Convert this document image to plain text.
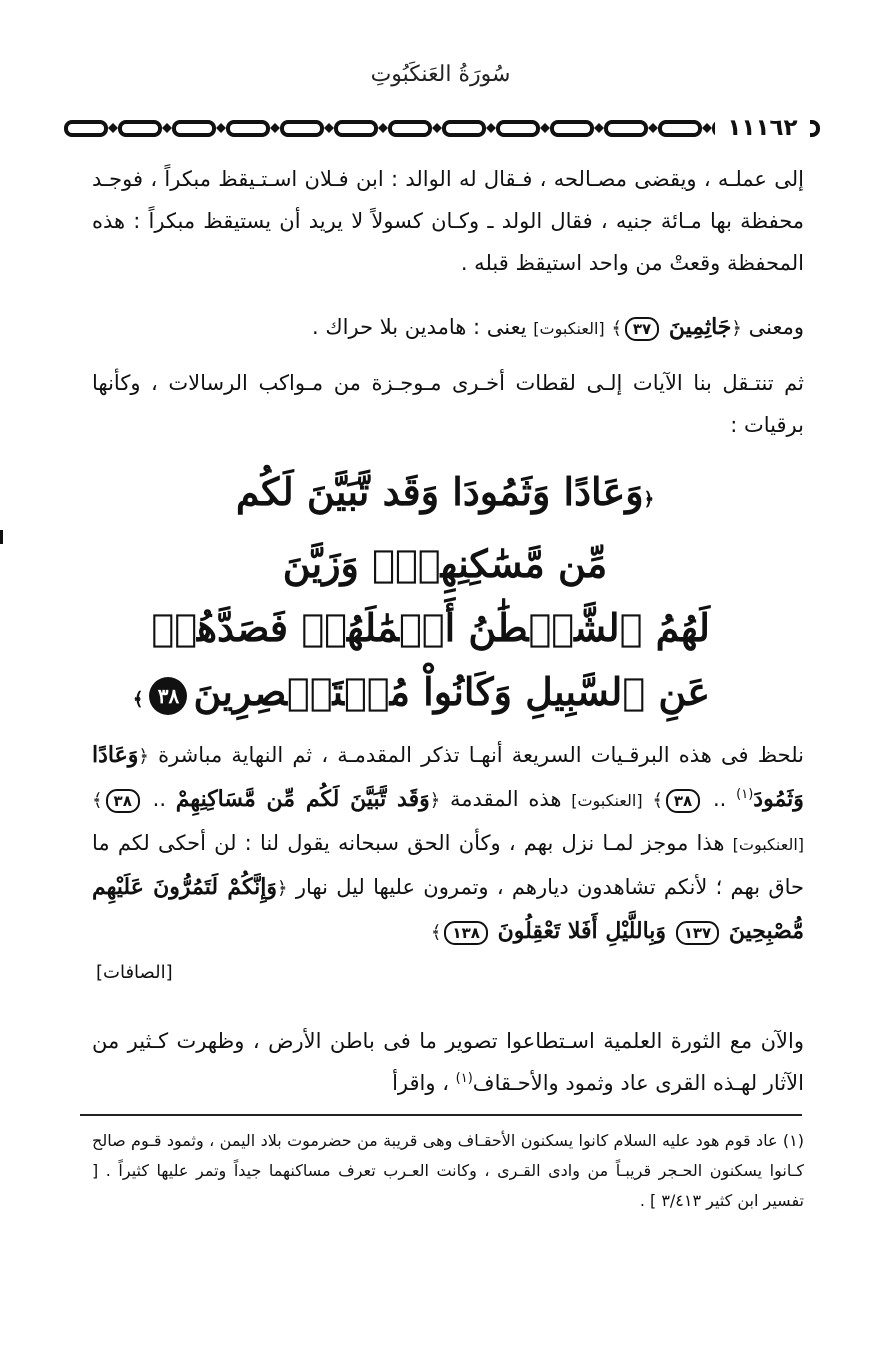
سُورَةُ العَنكَبُوتِ
١١١٦٢

إلى عملـه ، ويقضى مصـالحه ، فـقال له الوالد : ابن فـلان اسـتـيقظ مبكراً ، فوجـد محفظة بها مـائة جنيه ، فقال الولد ـ وكـان كسولاً لا يريد أن يستيقظ مبكراً : هذه المحفظة وقعتْ من واحد استيقظ قبله .

ومعنى ﴿جَاثِمِينَ ٣٧﴾ [العنكبوت] يعنى : هامدين بلا حراك .

ثم تنتـقل بنا الآيات إلـى لقطات أخـرى مـوجـزة من مـواكب الرسالات ، وكأنها برقيات :

﴿وَعَادًا وَثَمُودَا وَقَد تَّبَيَّنَ لَكُم
مِّن مَّسَٰكِنِهِمۡۖ وَزَيَّنَ
لَهُمُ ٱلشَّيۡطَٰنُ أَعۡمَٰلَهُمۡ فَصَدَّهُمۡ
عَنِ ٱلسَّبِيلِ وَكَانُواْ مُسۡتَبۡصِرِينَ٣٨﴾

نلحظ فى هذه البرقـيات السريعة أنهـا تذكر المقدمـة ، ثم النهاية مباشرة ﴿وَعَادًا وَثَمُودَ$^{(١)}$ .. ٣٨﴾ [العنكبوت] هذه المقدمة ﴿وَقَد تَّبَيَّنَ لَكُم مِّن مَّسَاكِنِهِمْ .. ٣٨﴾ [العنكبوت] هذا موجز لمـا نزل بهم ، وكأن الحق سبحانه يقول لنا : لن أحكى لكم ما حاق بهم ؛ لأنكم تشاهدون ديارهم ، وتمرون عليها ليل نهار ﴿وَإِنَّكُمْ لَتَمُرُّونَ عَلَيْهِم مُّصْبِحِينَ ١٣٧ وَبِاللَّيْلِ أَفَلا تَعْقِلُونَ ١٣٨﴾

[الصافات]

والآن مع الثورة العلمية اسـتطاعوا تصوير ما فى باطن الأرض ، وظهرت كـثير من الآثار لهـذه القرى عاد وثمود والأحـقاف$^{(١)}$ ، واقرأ

(١) عاد قوم هود عليه السلام كانوا يسكنون الأحقـاف وهى قريبة من حضرموت بلاد اليمن ، وثمود قـوم صالح كـانوا يسكنون الحـجر قريبـاً من وادى القـرى ، وكانت العـرب تعرف مساكنهما جيداً وتمر عليها كثيراً . [ تفسير ابن كثير ٣/٤١٣ ] .
